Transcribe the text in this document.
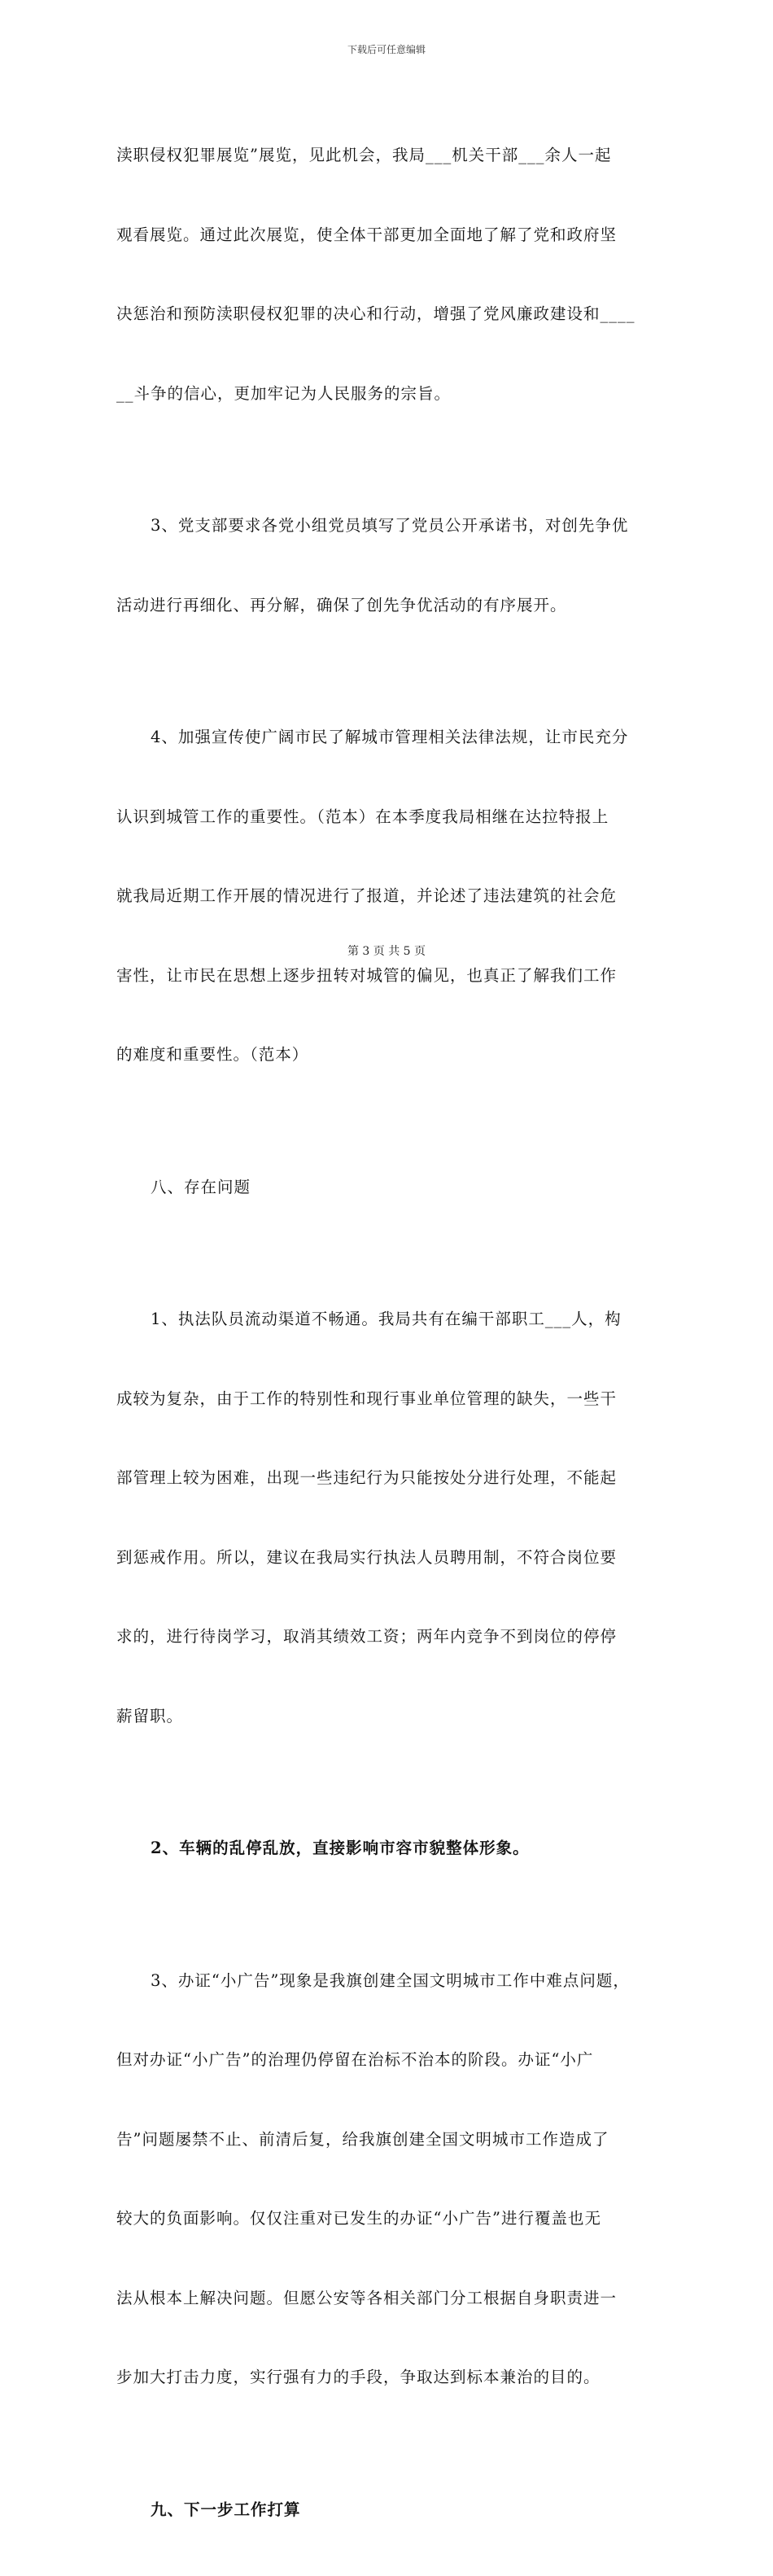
下载后可任意编辑

渎职侵权犯罪展览”展览，见此机会，我局___机关干部___余人一起

观看展览。通过此次展览，使全体干部更加全面地了解了党和政府坚

决惩治和预防渎职侵权犯罪的决心和行动，增强了党风廉政建设和____

__斗争的信心，更加牢记为人民服务的宗旨。

3、党支部要求各党小组党员填写了党员公开承诺书，对创先争优

活动进行再细化、再分解，确保了创先争优活动的有序展开。

4、加强宣传使广阔市民了解城市管理相关法律法规，让市民充分

认识到城管工作的重要性。（范本）在本季度我局相继在达拉特报上

就我局近期工作开展的情况进行了报道，并论述了违法建筑的社会危

害性，让市民在思想上逐步扭转对城管的偏见，也真正了解我们工作

的难度和重要性。（范本）

八、存在问题

1、执法队员流动渠道不畅通。我局共有在编干部职工___人，构

成较为复杂，由于工作的特别性和现行事业单位管理的缺失，一些干

部管理上较为困难，出现一些违纪行为只能按处分进行处理，不能起

到惩戒作用。所以，建议在我局实行执法人员聘用制，不符合岗位要

求的，进行待岗学习，取消其绩效工资；两年内竞争不到岗位的停停

薪留职。

2、车辆的乱停乱放，直接影响市容市貌整体形象。

3、办证“小广告”现象是我旗创建全国文明城市工作中难点问题，

但对办证“小广告”的治理仍停留在治标不治本的阶段。办证“小广

告”问题屡禁不止、前清后复，给我旗创建全国文明城市工作造成了

较大的负面影响。仅仅注重对已发生的办证“小广告”进行覆盖也无

法从根本上解决问题。但愿公安等各相关部门分工根据自身职责进一

步加大打击力度，实行强有力的手段，争取达到标本兼治的目的。

九、下一步工作打算

第 3 页 共 5 页
